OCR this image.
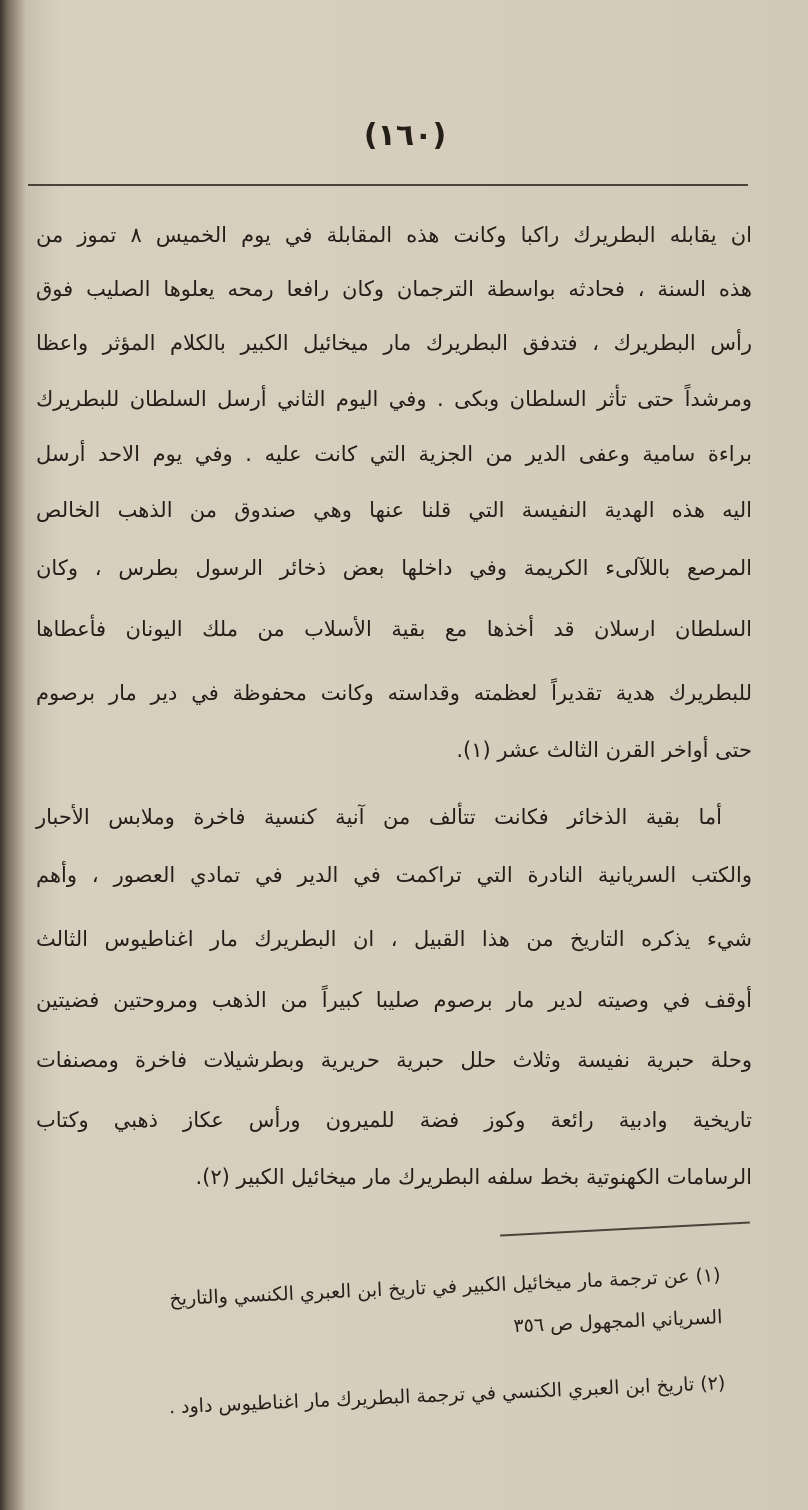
(١٦٠)
ان يقابله البطريرك راكبا وكانت هذه المقابلة في يوم الخميس ٨ تموز من
هذه السنة ، فحادثه بواسطة الترجمان وكان رافعا رمحه يعلوها الصليب فوق
رأس البطريرك ، فتدفق البطريرك مار ميخائيل الكبير بالكلام المؤثر واعظا
ومرشداً حتى تأثر السلطان وبكى . وفي اليوم الثاني أرسل السلطان للبطريرك
براءة سامية وعفى الدير من الجزية التي كانت عليه . وفي يوم الاحد أرسل
اليه هذه الهدية النفيسة التي قلنا عنها وهي صندوق من الذهب الخالص
المرصع باللآلىء الكريمة وفي داخلها بعض ذخائر الرسول بطرس ، وكان
السلطان ارسلان قد أخذها مع بقية الأسلاب من ملك اليونان فأعطاها
للبطريرك هدية تقديراً لعظمته وقداسته وكانت محفوظة في دير مار برصوم
حتى أواخر القرن الثالث عشر (١).
أما بقية الذخائر فكانت تتألف من آنية كنسية فاخرة وملابس الأحبار
والكتب السريانية النادرة التي تراكمت في الدير في تمادي العصور ، وأهم
شيء يذكره التاريخ من هذا القبيل ، ان البطريرك مار اغناطيوس الثالث
أوقف في وصيته لدير مار برصوم صليبا كبيراً من الذهب ومروحتين فضيتين
وحلة حبرية نفيسة وثلاث حلل حبرية حريرية وبطرشيلات فاخرة ومصنفات
تاريخية وادبية رائعة وكوز فضة للميرون ورأس عكاز ذهبي وكتاب
الرسامات الكهنوتية بخط سلفه البطريرك مار ميخائيل الكبير (٢).
(١) عن ترجمة مار ميخائيل الكبير في تاريخ ابن العبري الكنسي والتاريخ
السرياني المجهول ص ٣٥٦
(٢) تاريخ ابن العبري الكنسي في ترجمة البطريرك مار اغناطيوس داود .
